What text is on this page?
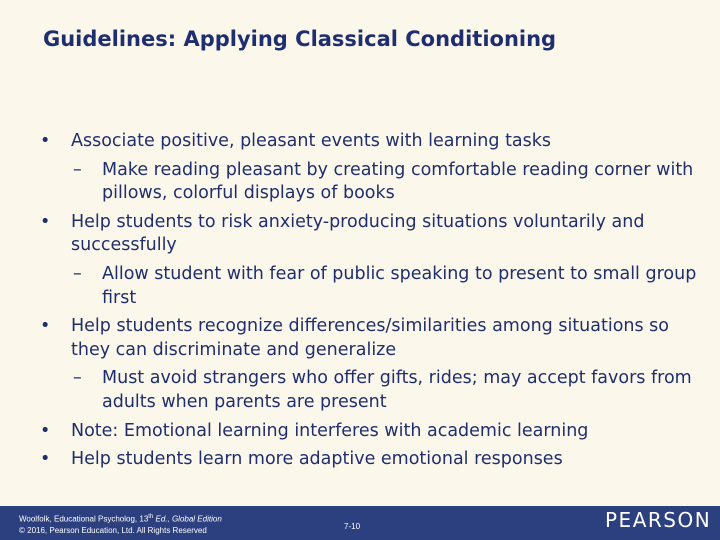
Guidelines: Applying Classical Conditioning
• Associate positive, pleasant events with learning tasks
– Make reading pleasant by creating comfortable reading corner with pillows, colorful displays of books
• Help students to risk anxiety-producing situations voluntarily and successfully
– Allow student with fear of public speaking to present to small group first
• Help students recognize differences/similarities among situations so they can discriminate and generalize
– Must avoid strangers who offer gifts, rides; may accept favors from adults when parents are present
• Note: Emotional learning interferes with academic learning
• Help students learn more adaptive emotional responses
Woolfolk, Educational Psycholog, 13th Ed., Global Edition
© 2016, Pearson Education, Ltd. All Rights Reserved	7-10	PEARSON
